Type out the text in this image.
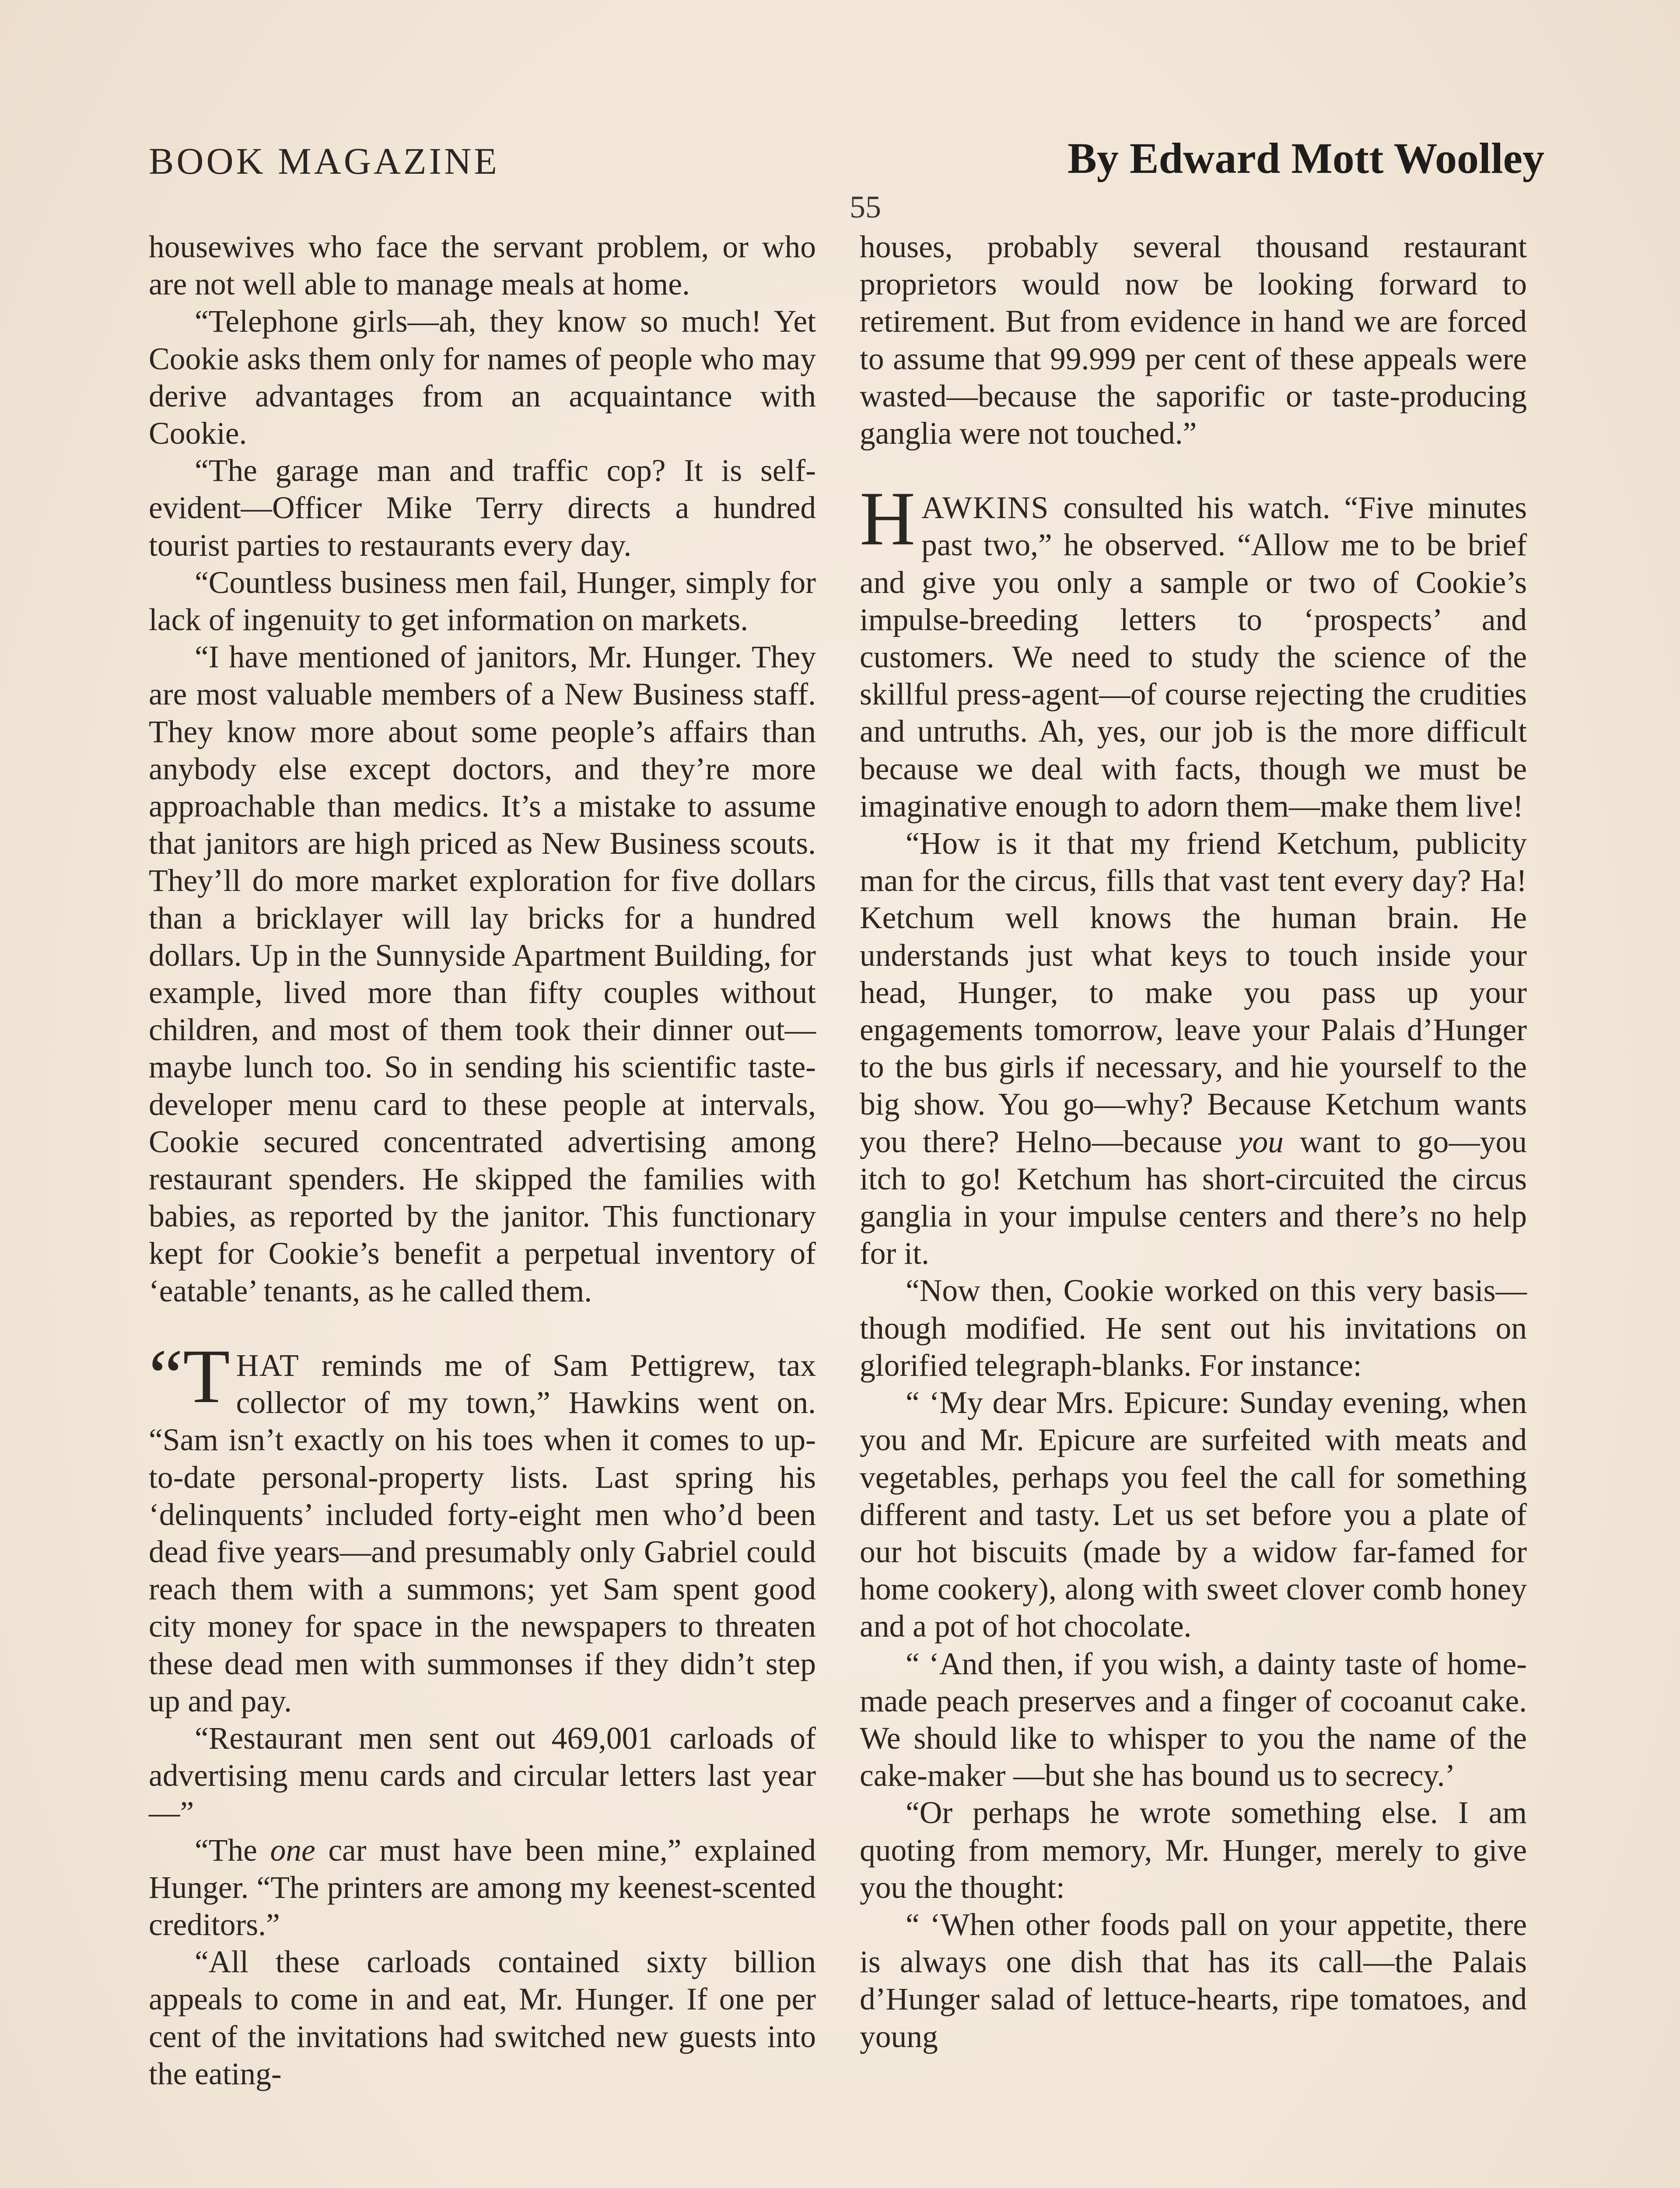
BOOK MAGAZINE	By Edward Mott Woolley
55

housewives who face the servant problem, or who are not well able to manage meals at home.

“Telephone girls—ah, they know so much! Yet Cookie asks them only for names of people who may derive advantages from an acquaintance with Cookie.

“The garage man and traffic cop? It is self-evident—Officer Mike Terry directs a hundred tourist parties to restaurants every day.

“Countless business men fail, Hunger, simply for lack of ingenuity to get information on markets.

“I have mentioned of janitors, Mr. Hunger. They are most valuable members of a New Business staff. They know more about some people’s affairs than anybody else except doctors, and they’re more approachable than medics. It’s a mistake to assume that janitors are high priced as New Business scouts. They’ll do more market exploration for five dollars than a bricklayer will lay bricks for a hundred dollars. Up in the Sunnyside Apartment Building, for example, lived more than fifty couples without children, and most of them took their dinner out—maybe lunch too. So in sending his scientific taste-developer menu card to these people at intervals, Cookie secured concentrated advertising among restaurant spenders. He skipped the families with babies, as reported by the janitor. This functionary kept for Cookie’s benefit a perpetual inventory of ‘eatable’ tenants, as he called them.

“THAT reminds me of Sam Pettigrew, tax collector of my town,” Hawkins went on. “Sam isn’t exactly on his toes when it comes to up-to-date personal-property lists. Last spring his ‘delinquents’ included forty-eight men who’d been dead five years—and presumably only Gabriel could reach them with a summons; yet Sam spent good city money for space in the newspapers to threaten these dead men with summonses if they didn’t step up and pay.

“Restaurant men sent out 469,001 carloads of advertising menu cards and circular letters last year—”

“The one car must have been mine,” explained Hunger. “The printers are among my keenest-scented creditors.”

“All these carloads contained sixty billion appeals to come in and eat, Mr. Hunger. If one per cent of the invitations had switched new guests into the eating-

houses, probably several thousand restaurant proprietors would now be looking forward to retirement. But from evidence in hand we are forced to assume that 99.999 per cent of these appeals were wasted—because the saporific or taste-producing ganglia were not touched.”

HAWKINS consulted his watch. “Five minutes past two,” he observed. “Allow me to be brief and give you only a sample or two of Cookie’s impulse-breeding letters to ‘prospects’ and customers. We need to study the science of the skillful press-agent—of course rejecting the crudities and untruths. Ah, yes, our job is the more difficult because we deal with facts, though we must be imaginative enough to adorn them—make them live!

“How is it that my friend Ketchum, publicity man for the circus, fills that vast tent every day? Ha! Ketchum well knows the human brain. He understands just what keys to touch inside your head, Hunger, to make you pass up your engagements tomorrow, leave your Palais d’Hunger to the bus girls if necessary, and hie yourself to the big show. You go—why? Because Ketchum wants you there? Helno—because you want to go—you itch to go! Ketchum has short-circuited the circus ganglia in your impulse centers and there’s no help for it.

“Now then, Cookie worked on this very basis—though modified. He sent out his invitations on glorified telegraph-blanks. For instance:

“ ‘My dear Mrs. Epicure: Sunday evening, when you and Mr. Epicure are surfeited with meats and vegetables, perhaps you feel the call for something different and tasty. Let us set before you a plate of our hot biscuits (made by a widow far-famed for home cookery), along with sweet clover comb honey and a pot of hot chocolate.

“ ‘And then, if you wish, a dainty taste of home-made peach preserves and a finger of cocoanut cake. We should like to whisper to you the name of the cake-maker —but she has bound us to secrecy.’

“Or perhaps he wrote something else. I am quoting from memory, Mr. Hunger, merely to give you the thought:

“ ‘When other foods pall on your appetite, there is always one dish that has its call—the Palais d’Hunger salad of lettuce-hearts, ripe tomatoes, and young
